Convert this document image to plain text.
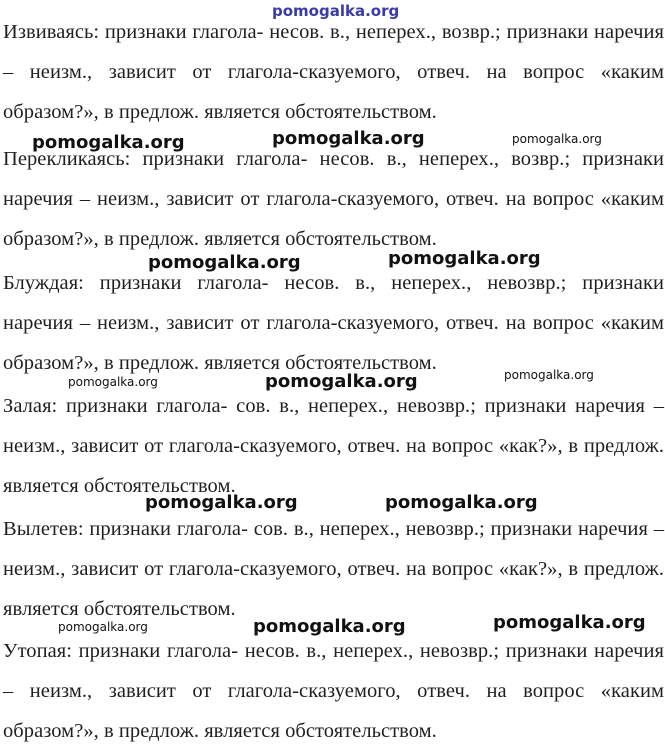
pomogalka.org

Извиваясь: признаки глагола- несов. в., неперех., возвр.; признаки наречия – неизм., зависит от глагола-сказуемого, отвеч. на вопрос «каким образом?», в предлож. является обстоятельством.

pomogalka.org	pomogalka.org	pomogalka.org

Перекликаясь: признаки глагола- несов. в., неперех., возвр.; признаки наречия – неизм., зависит от глагола-сказуемого, отвеч. на вопрос «каким образом?», в предлож. является обстоятельством.

pomogalka.org	pomogalka.org

Блуждая: признаки глагола- несов. в., неперех., невозвр.; признаки наречия – неизм., зависит от глагола-сказуемого, отвеч. на вопрос «каким образом?», в предлож. является обстоятельством.

pomogalka.org	pomogalka.org	pomogalka.org

Залая: признаки глагола- сов. в., неперех., невозвр.; признаки наречия – неизм., зависит от глагола-сказуемого, отвеч. на вопрос «как?», в предлож. является обстоятельством.

pomogalka.org	pomogalka.org

Вылетев: признаки глагола- сов. в., неперех., невозвр.; признаки наречия – неизм., зависит от глагола-сказуемого, отвеч. на вопрос «как?», в предлож. является обстоятельством.

pomogalka.org	pomogalka.org	pomogalka.org

Утопая: признаки глагола- несов. в., неперех., невозвр.; признаки наречия – неизм., зависит от глагола-сказуемого, отвеч. на вопрос «каким образом?», в предлож. является обстоятельством.
